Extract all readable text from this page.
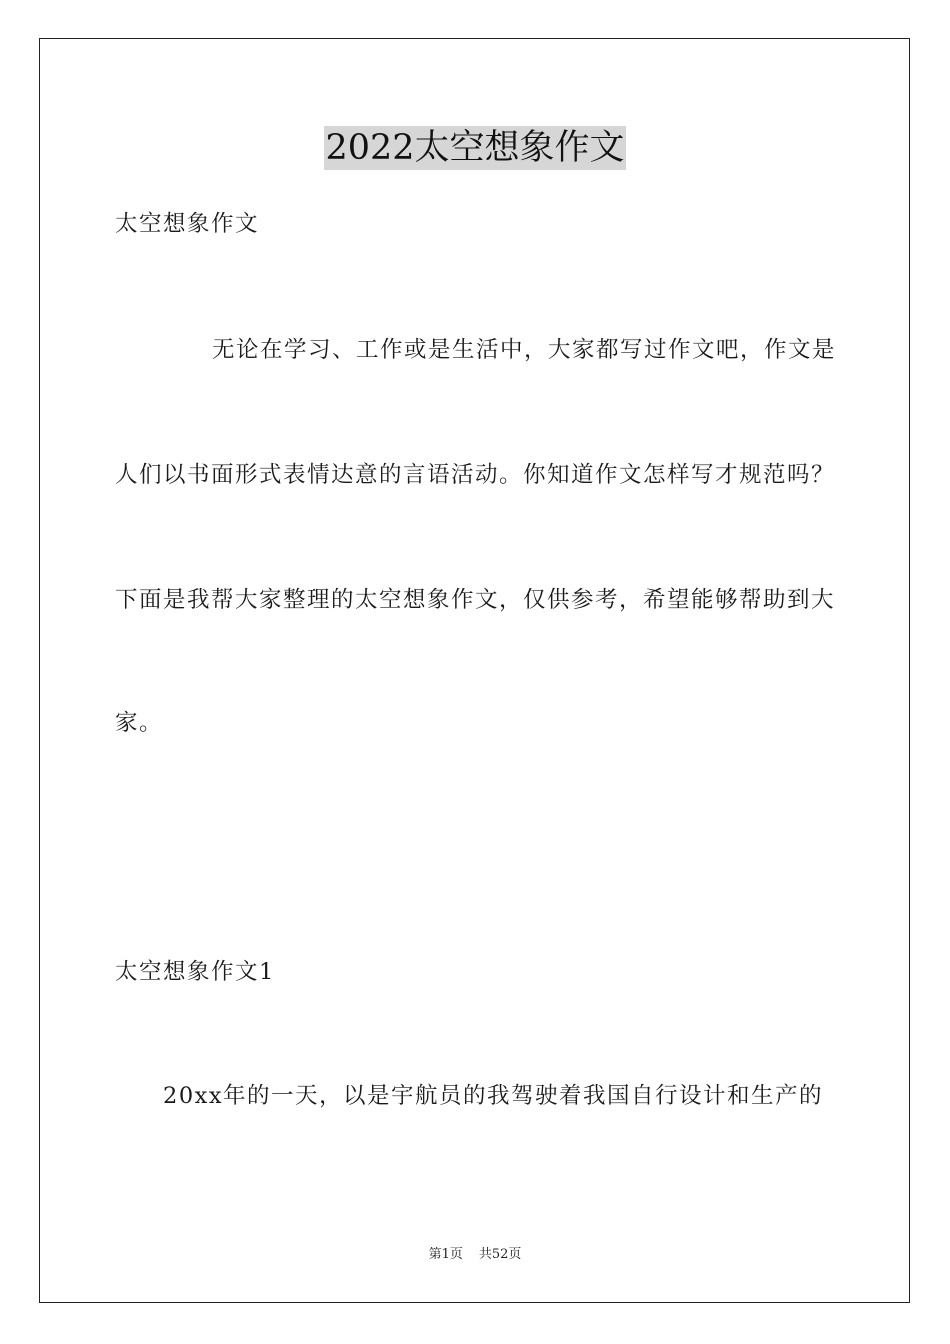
2022太空想象作文

太空想象作文

无论在学习、工作或是生活中，大家都写过作文吧，作文是

人们以书面形式表情达意的言语活动。你知道作文怎样写才规范吗？

下面是我帮大家整理的太空想象作文，仅供参考，希望能够帮助到大

家。

太空想象作文1

20xx年的一天，以是宇航员的我驾驶着我国自行设计和生产的

第1页 共52页
